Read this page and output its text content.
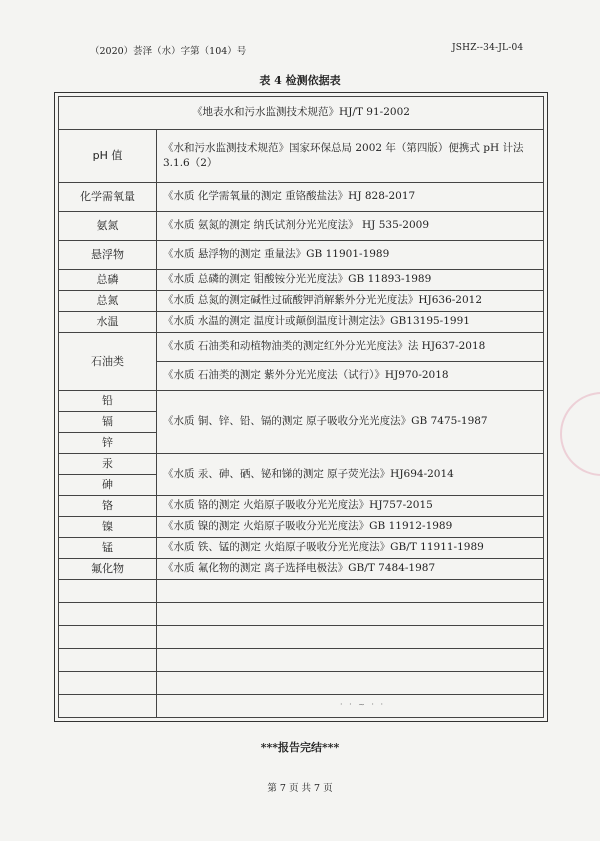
（2020）荟泽（水）字第（104）号	JSHZ--34-JL-04
表 4 检测依据表
《地表水和污水监测技术规范》HJ/T 91-2002	
pH 值	《水和污水监测技术规范》国家环保总局 2002 年（第四版）便携式 pH 计法 3.1.6（2）
化学需氧量	《水质 化学需氧量的测定 重铬酸盐法》HJ 828-2017
氨氮	《水质 氨氮的测定 纳氏试剂分光光度法》 HJ 535-2009
悬浮物	《水质 悬浮物的测定 重量法》GB 11901-1989
总磷	《水质 总磷的测定 钼酸铵分光光度法》GB 11893-1989
总氮	《水质 总氮的测定碱性过硫酸钾消解紫外分光光度法》HJ636-2012
水温	《水质 水温的测定 温度计或颠倒温度计测定法》GB13195-1991
石油类	《水质 石油类和动植物油类的测定红外分光光度法》法 HJ637-2018
	《水质 石油类的测定 紫外分光光度法（试行）》HJ970-2018
铅	《水质 铜、锌、铅、镉的测定 原子吸收分光光度法》GB 7475-1987
镉	
锌	
汞	《水质 汞、砷、硒、铋和锑的测定 原子荧光法》HJ694-2014
砷	
铬	《水质 铬的测定 火焰原子吸收分光光度法》HJ757-2015
镍	《水质 镍的测定 火焰原子吸收分光光度法》GB 11912-1989
锰	《水质 铁、锰的测定 火焰原子吸收分光光度法》GB/T 11911-1989
氟化物	《水质 氟化物的测定 离子选择电极法》GB/T 7484-1987

· · ~ · ·
***报告完结***
第 7 页 共 7 页
